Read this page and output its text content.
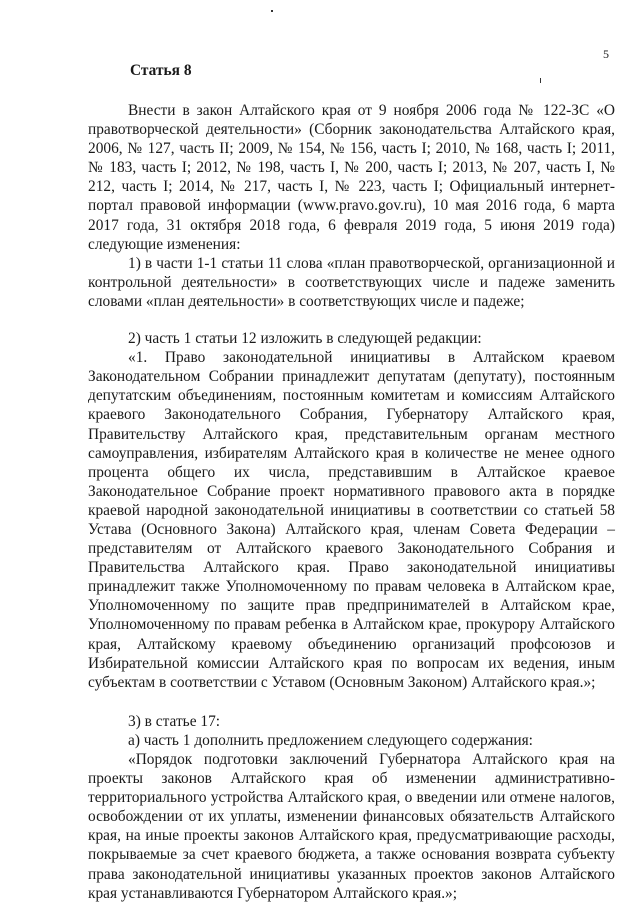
5
Статья 8

Внести в закон Алтайского края от 9 ноября 2006 года № 122-ЗС «О правотворческой деятельности» (Сборник законодательства Алтайского края, 2006, № 127, часть II; 2009, № 154, № 156, часть I; 2010, № 168, часть I; 2011, № 183, часть I; 2012, № 198, часть I, № 200, часть I; 2013, № 207, часть I, № 212, часть I; 2014, № 217, часть I, № 223, часть I; Официальный интернет-портал правовой информации (www.pravo.gov.ru), 10 мая 2016 года, 6 марта 2017 года, 31 октября 2018 года, 6 февраля 2019 года, 5 июня 2019 года) следующие изменения:

1) в части 1-1 статьи 11 слова «план правотворческой, организационной и контрольной деятельности» в соответствующих числе и падеже заменить словами «план деятельности» в соответствующих числе и падеже;

2) часть 1 статьи 12 изложить в следующей редакции:

«1. Право законодательной инициативы в Алтайском краевом Законодательном Собрании принадлежит депутатам (депутату), постоянным депутатским объединениям, постоянным комитетам и комиссиям Алтайского краевого Законодательного Собрания, Губернатору Алтайского края, Правительству Алтайского края, представительным органам местного самоуправления, избирателям Алтайского края в количестве не менее одного процента общего их числа, представившим в Алтайское краевое Законодательное Собрание проект нормативного правового акта в порядке краевой народной законодательной инициативы в соответствии со статьей 58 Устава (Основного Закона) Алтайского края, членам Совета Федерации – представителям от Алтайского краевого Законодательного Собрания и Правительства Алтайского края. Право законодательной инициативы принадлежит также Уполномоченному по правам человека в Алтайском крае, Уполномоченному по защите прав предпринимателей в Алтайском крае, Уполномоченному по правам ребенка в Алтайском крае, прокурору Алтайского края, Алтайскому краевому объединению организаций профсоюзов и Избирательной комиссии Алтайского края по вопросам их ведения, иным субъектам в соответствии с Уставом (Основным Законом) Алтайского края.»;

3) в статье 17:

а) часть 1 дополнить предложением следующего содержания:

«Порядок подготовки заключений Губернатора Алтайского края на проекты законов Алтайского края об изменении административно-территориального устройства Алтайского края, о введении или отмене налогов, освобождении от их уплаты, изменении финансовых обязательств Алтайского края, на иные проекты законов Алтайского края, предусматривающие расходы, покрываемые за счет краевого бюджета, а также основания возврата субъекту права законодательной инициативы указанных проектов законов Алтайского края устанавливаются Губернатором Алтайского края.»;
